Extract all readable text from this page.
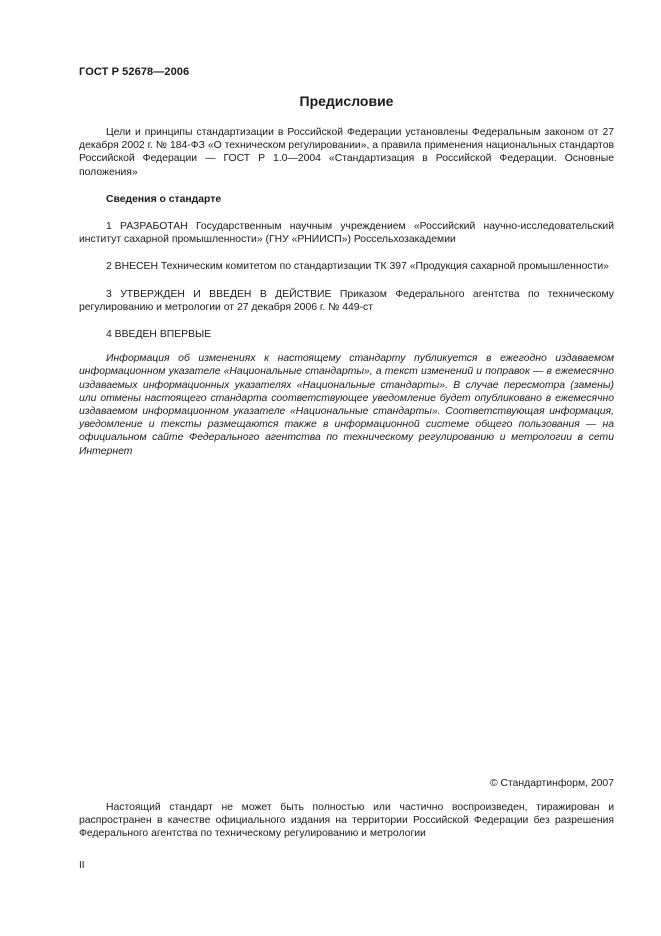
ГОСТ Р 52678—2006
Предисловие

Цели и принципы стандартизации в Российской Федерации установлены Федеральным законом от 27 декабря 2002 г. № 184-ФЗ «О техническом регулировании», а правила применения национальных стандартов Российской Федерации — ГОСТ Р 1.0—2004 «Стандартизация в Российской Федерации. Основные положения»

Сведения о стандарте

1 РАЗРАБОТАН Государственным научным учреждением «Российский научно-исследовательский институт сахарной промышленности» (ГНУ «РНИИСП») Россельхозакадемии

2 ВНЕСЕН Техническим комитетом по стандартизации ТК 397 «Продукция сахарной промышленности»

3 УТВЕРЖДЕН И ВВЕДЕН В ДЕЙСТВИЕ Приказом Федерального агентства по техническому регулированию и метрологии от 27 декабря 2006 г. № 449-ст

4 ВВЕДЕН ВПЕРВЫЕ

Информация об изменениях к настоящему стандарту публикуется в ежегодно издаваемом информационном указателе «Национальные стандарты», а текст изменений и поправок — в ежемесячно издаваемых информационных указателях «Национальные стандарты». В случае пересмотра (замены) или отмены настоящего стандарта соответствующее уведомление будет опубликовано в ежемесячно издаваемом информационном указателе «Национальные стандарты». Соответствующая информация, уведомление и тексты размещаются также в информационной системе общего пользования — на официальном сайте Федерального агентства по техническому регулированию и метрологии в сети Интернет

© Стандартинформ, 2007

Настоящий стандарт не может быть полностью или частично воспроизведен, тиражирован и распространен в качестве официального издания на территории Российской Федерации без разрешения Федерального агентства по техническому регулированию и метрологии

II
